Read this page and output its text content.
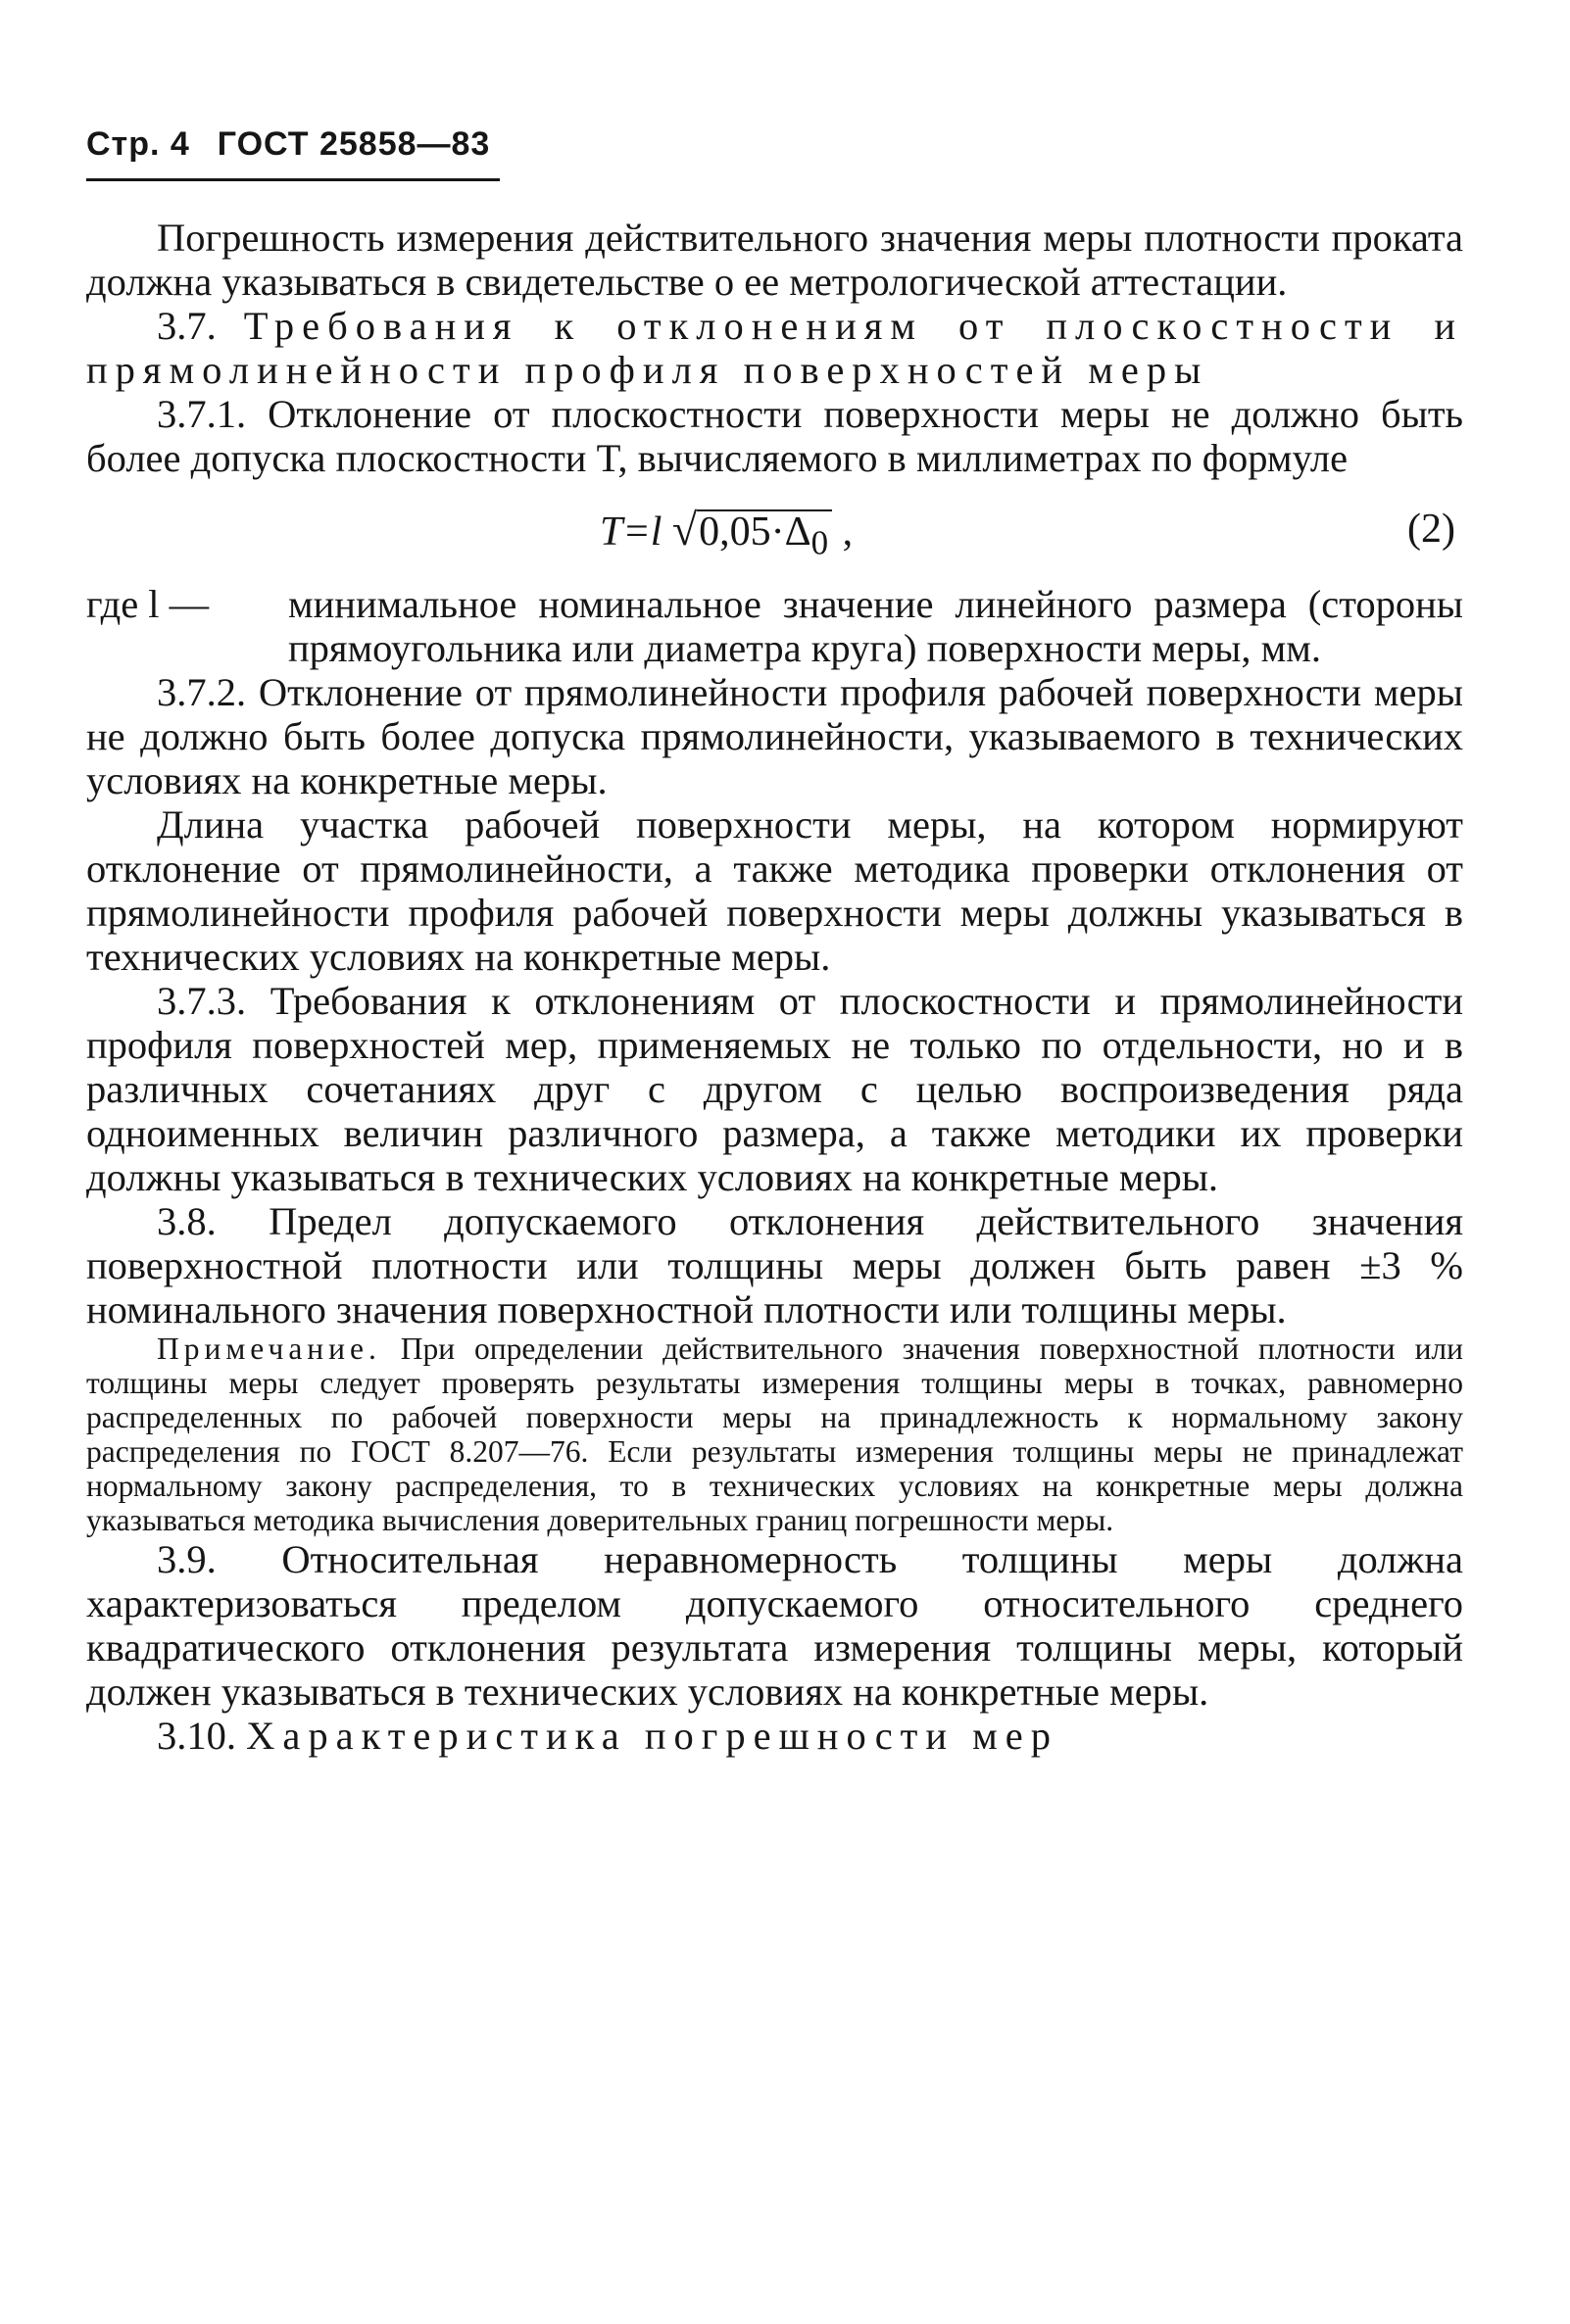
Стр. 4 ГОСТ 25858—83

Погрешность измерения действительного значения меры плотности проката должна указываться в свидетельстве о ее метрологической аттестации.

3.7. Требования к отклонениям от плоскостности и прямолинейности профиля поверхностей меры

3.7.1. Отклонение от плоскостности поверхности меры не должно быть более допуска плоскостности T, вычисляемого в миллиметрах по формуле

T=l $√0,05\cdot\Delta_0$ ,	(2)
где l — минимальное номинальное значение линейного размера (стороны прямоугольника или диаметра круга) поверхности меры, мм.

3.7.2. Отклонение от прямолинейности профиля рабочей поверхности меры не должно быть более допуска прямолинейности, указываемого в технических условиях на конкретные меры.

Длина участка рабочей поверхности меры, на котором нормируют отклонение от прямолинейности, а также методика проверки отклонения от прямолинейности профиля рабочей поверхности меры должны указываться в технических условиях на конкретные меры.

3.7.3. Требования к отклонениям от плоскостности и прямолинейности профиля поверхностей мер, применяемых не только по отдельности, но и в различных сочетаниях друг с другом с целью воспроизведения ряда одноименных величин различного размера, а также методики их проверки должны указываться в технических условиях на конкретные меры.

3.8. Предел допускаемого отклонения действительного значения поверхностной плотности или толщины меры должен быть равен ±3 % номинального значения поверхностной плотности или толщины меры.

Примечание. При определении действительного значения поверхностной плотности или толщины меры следует проверять результаты измерения толщины меры в точках, равномерно распределенных по рабочей поверхности меры на принадлежность к нормальному закону распределения по ГОСТ 8.207—76. Если результаты измерения толщины меры не принадлежат нормальному закону распределения, то в технических условиях на конкретные меры должна указываться методика вычисления доверительных границ погрешности меры.

3.9. Относительная неравномерность толщины меры должна характеризоваться пределом допускаемого относительного среднего квадратического отклонения результата измерения толщины меры, который должен указываться в технических условиях на конкретные меры.

3.10. Характеристика погрешности мер
